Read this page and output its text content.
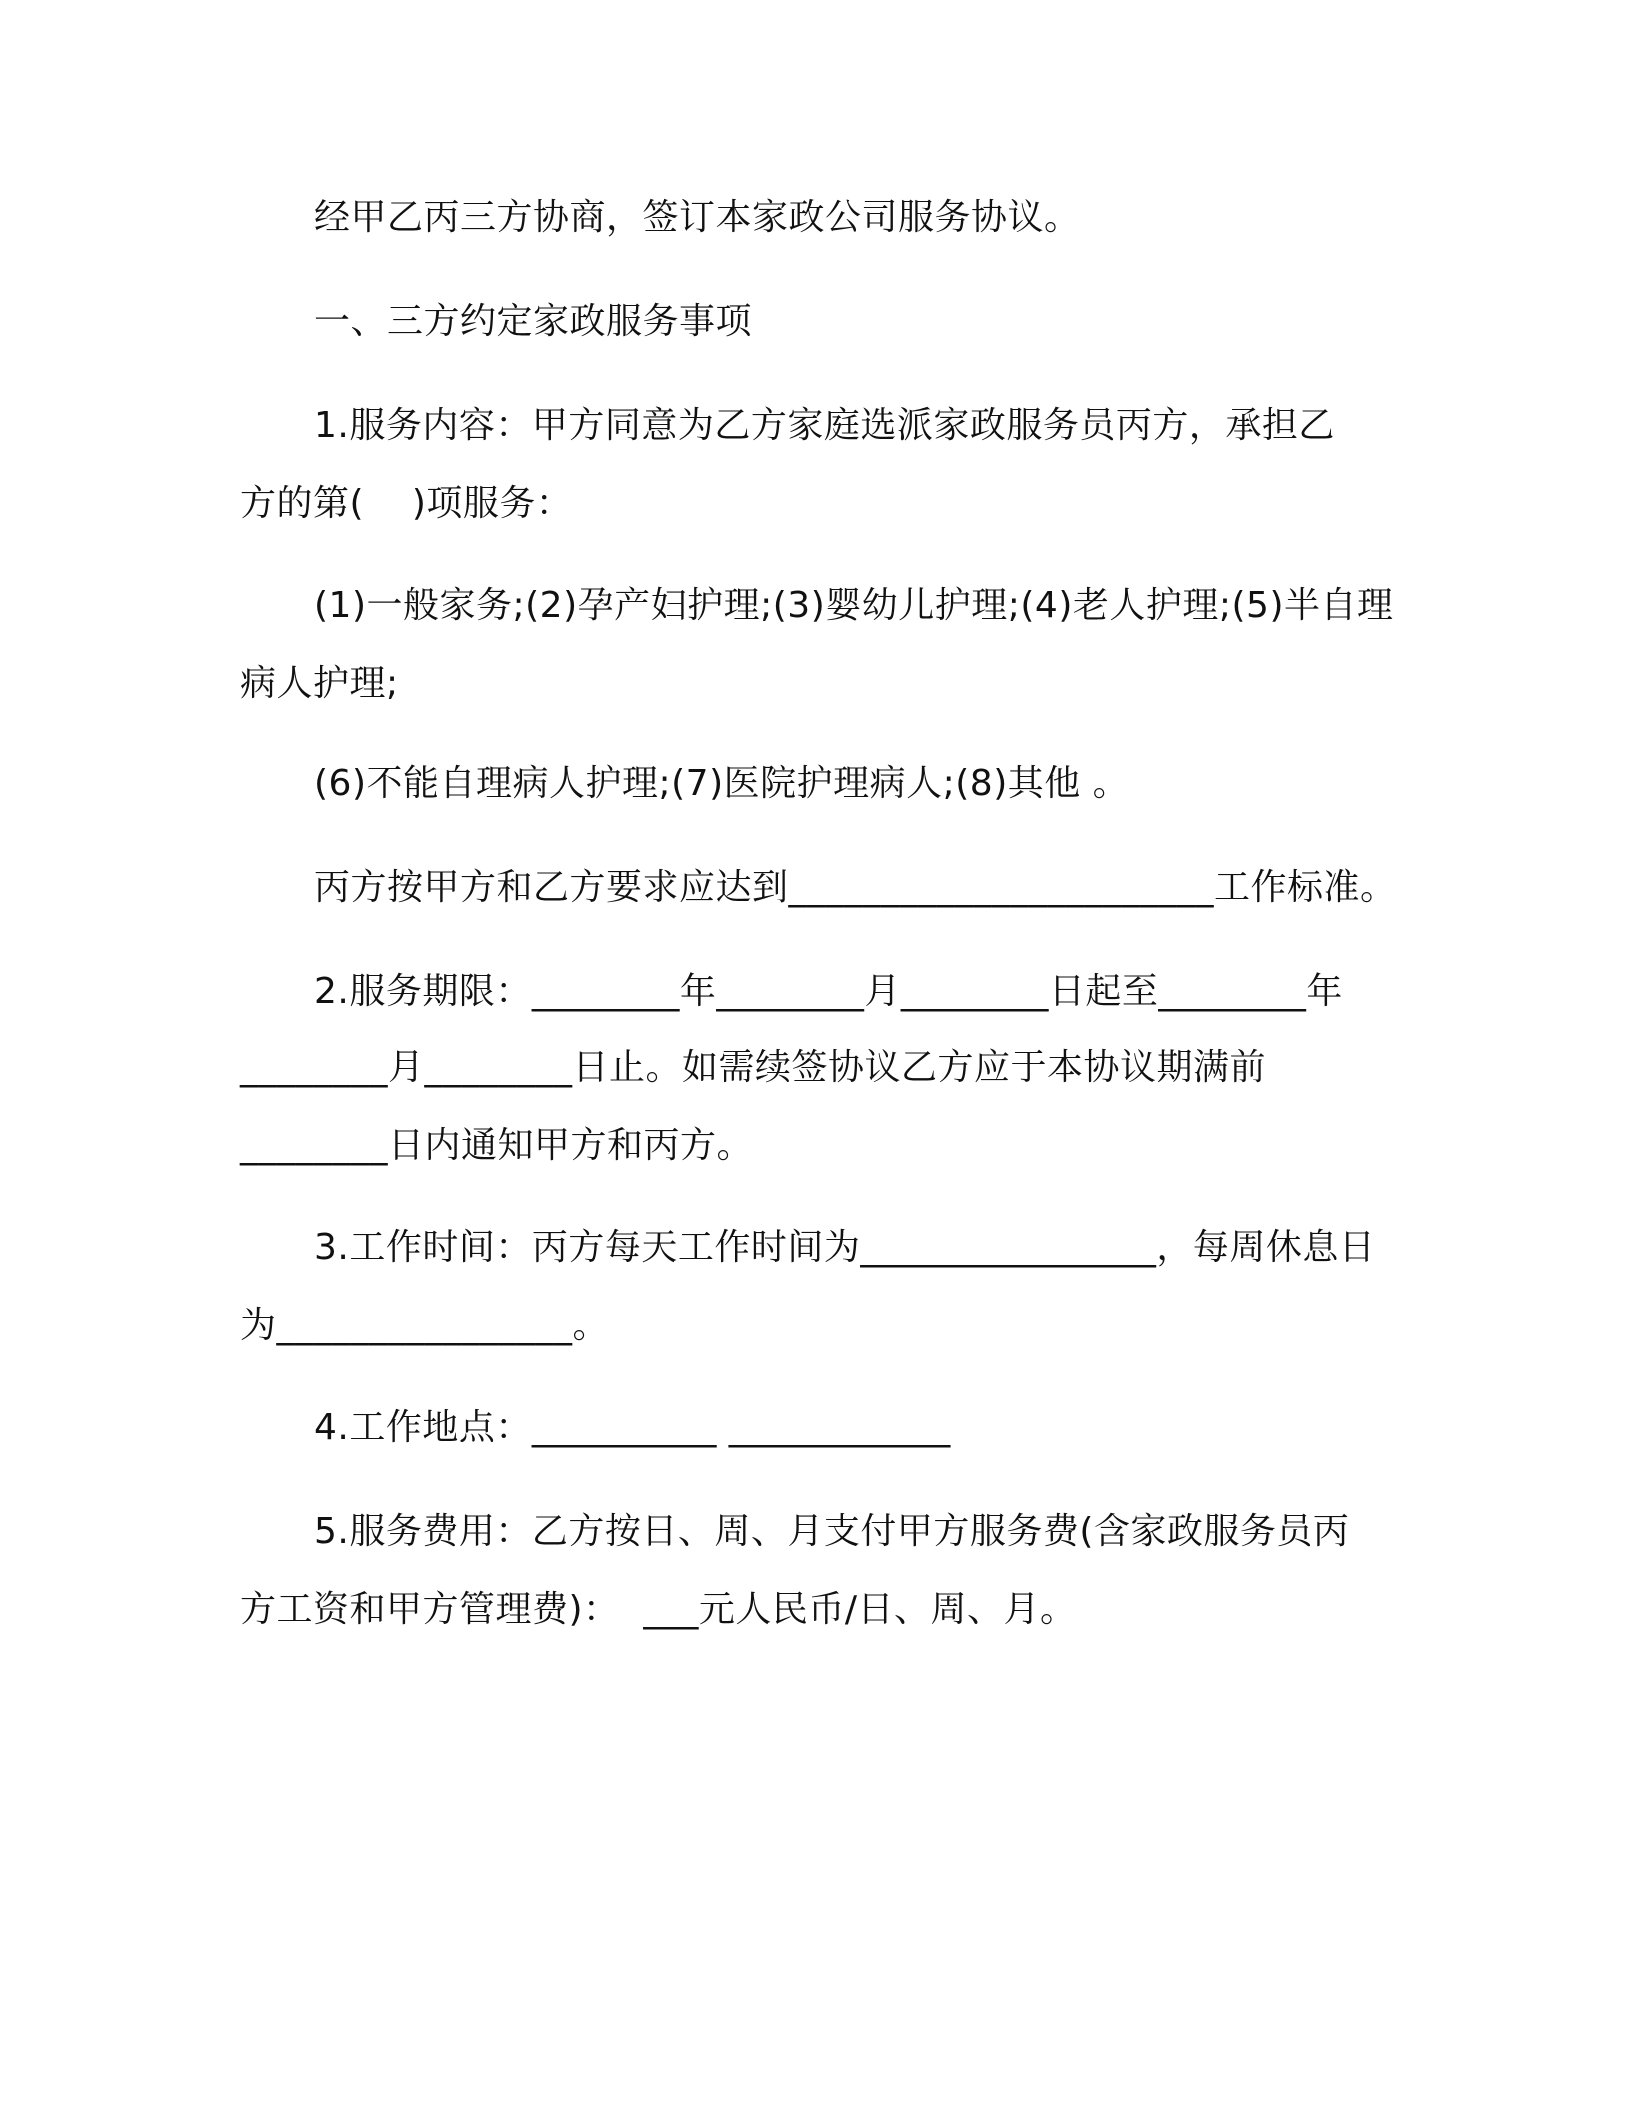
经甲乙丙三方协商，签订本家政公司服务协议。
一、三方约定家政服务事项
1.服务内容：甲方同意为乙方家庭选派家政服务员丙方，承担乙
方的第(    )项服务：
(1)一般家务;(2)孕产妇护理;(3)婴幼儿护理;(4)老人护理;(5)半自理
病人护理;
(6)不能自理病人护理;(7)医院护理病人;(8)其他 。
丙方按甲方和乙方要求应达到_______________________工作标准。
2.服务期限：________年________月________日起至________年
________月________日止。如需续签协议乙方应于本协议期满前
________日内通知甲方和丙方。
3.工作时间：丙方每天工作时间为________________，每周休息日
为________________。
4.工作地点：__________ ____________
5.服务费用：乙方按日、周、月支付甲方服务费(含家政服务员丙
方工资和甲方管理费)：  ___元人民币/日、周、月。
